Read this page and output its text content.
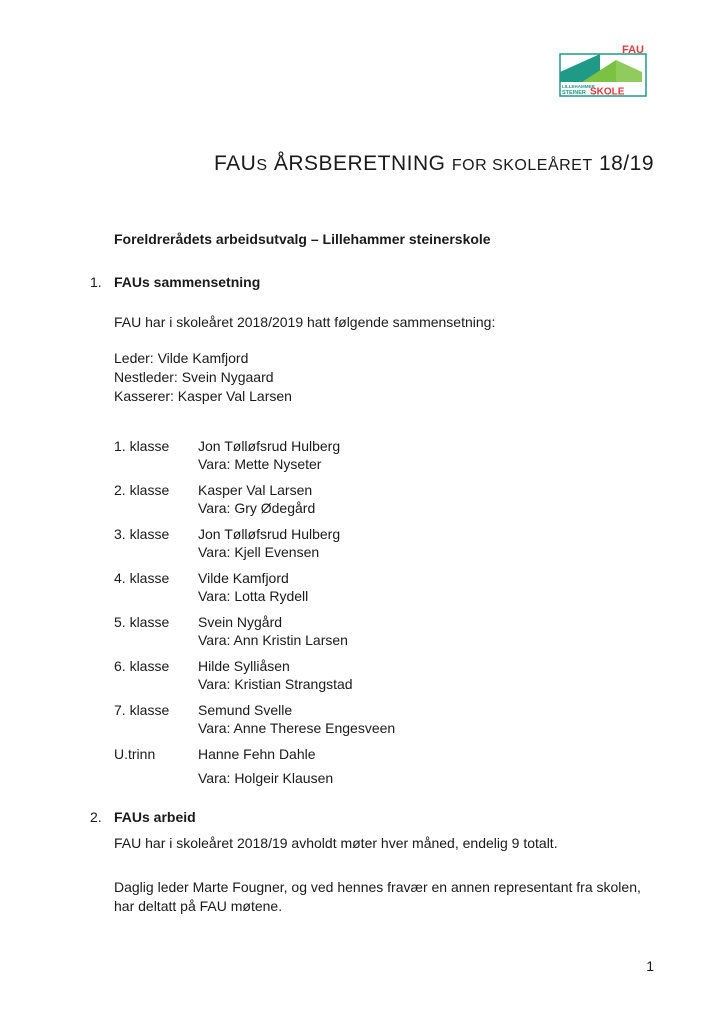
FAU
LILLEHAMMER
STEINER SKOLE
FAUS ÅRSBERETNING FOR SKOLEÅRET 18/19

Foreldrerådets arbeidsutvalg – Lillehammer steinerskole

1. FAUs sammensetning

FAU har i skoleåret 2018/2019 hatt følgende sammensetning:

Leder: Vilde Kamfjord
Nestleder: Svein Nygaard
Kasserer: Kasper Val Larsen
1. klasse	Jon Tølløfsrud Hulberg
Vara: Mette Nyseter
2. klasse	Kasper Val Larsen
Vara: Gry Ødegård
3. klasse	Jon Tølløfsrud Hulberg
Vara: Kjell Evensen
4. klasse	Vilde Kamfjord
Vara: Lotta Rydell
5. klasse	Svein Nygård
Vara: Ann Kristin Larsen
6. klasse	Hilde Sylliåsen
Vara: Kristian Strangstad
7. klasse	Semund Svelle
Vara: Anne Therese Engesveen
U.trinn	Hanne Fehn Dahle
Vara: Holgeir Klausen
2. FAUs arbeid

FAU har i skoleåret 2018/19 avholdt møter hver måned, endelig 9 totalt.

Daglig leder Marte Fougner, og ved hennes fravær en annen representant fra skolen,
har deltatt på FAU møtene.
1
